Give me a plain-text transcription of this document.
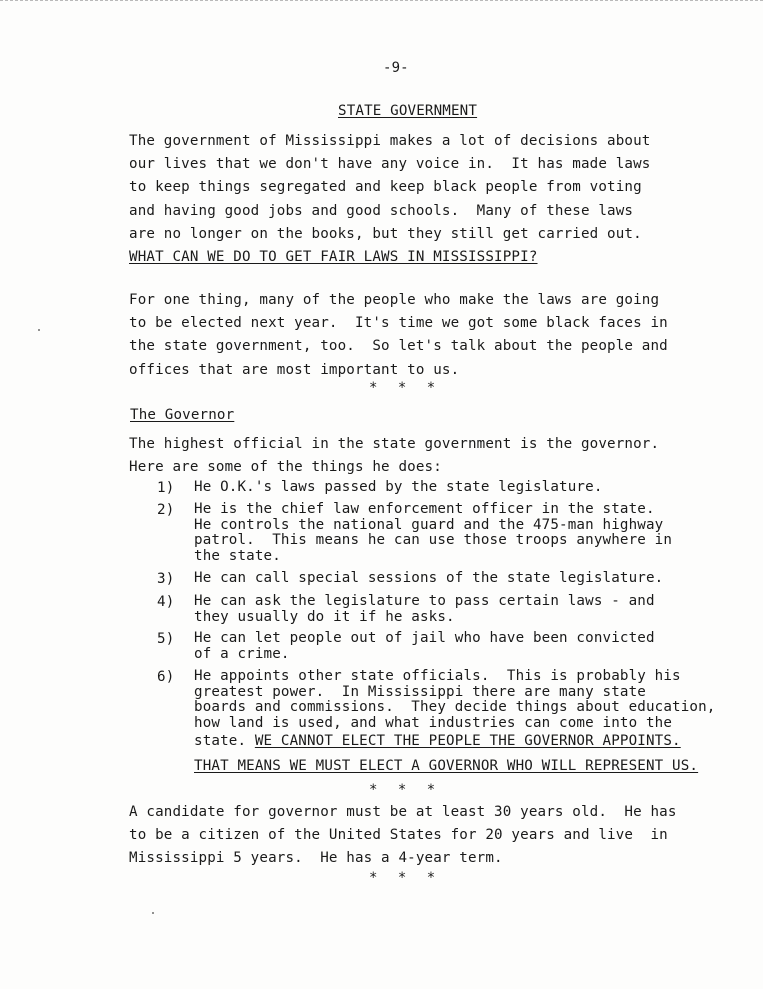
-9-
STATE GOVERNMENT
The government of Mississippi makes a lot of decisions about
our lives that we don't have any voice in.  It has made laws
to keep things segregated and keep black people from voting
and having good jobs and good schools.  Many of these laws
are no longer on the books, but they still get carried out.
WHAT CAN WE DO TO GET FAIR LAWS IN MISSISSIPPI?
For one thing, many of the people who make the laws are going
to be elected next year.  It's time we got some black faces in
the state government, too.  So let's talk about the people and
offices that are most important to us.
* * *
The Governor
The highest official in the state government is the governor.
Here are some of the things he does:
1) He O.K.'s laws passed by the state legislature.
2) He is the chief law enforcement officer in the state.
He controls the national guard and the 475-man highway
patrol.  This means he can use those troops anywhere in
the state.
3) He can call special sessions of the state legislature.
4) He can ask the legislature to pass certain laws - and
they usually do it if he asks.
5) He can let people out of jail who have been convicted
of a crime.
6) He appoints other state officials.  This is probably his
greatest power.  In Mississippi there are many state
boards and commissions.  They decide things about education,
how land is used, and what industries can come into the
state. WE CANNOT ELECT THE PEOPLE THE GOVERNOR APPOINTS.
THAT MEANS WE MUST ELECT A GOVERNOR WHO WILL REPRESENT US.
* * *
A candidate for governor must be at least 30 years old.  He has
to be a citizen of the United States for 20 years and live  in
Mississippi 5 years.  He has a 4-year term.
* * *
